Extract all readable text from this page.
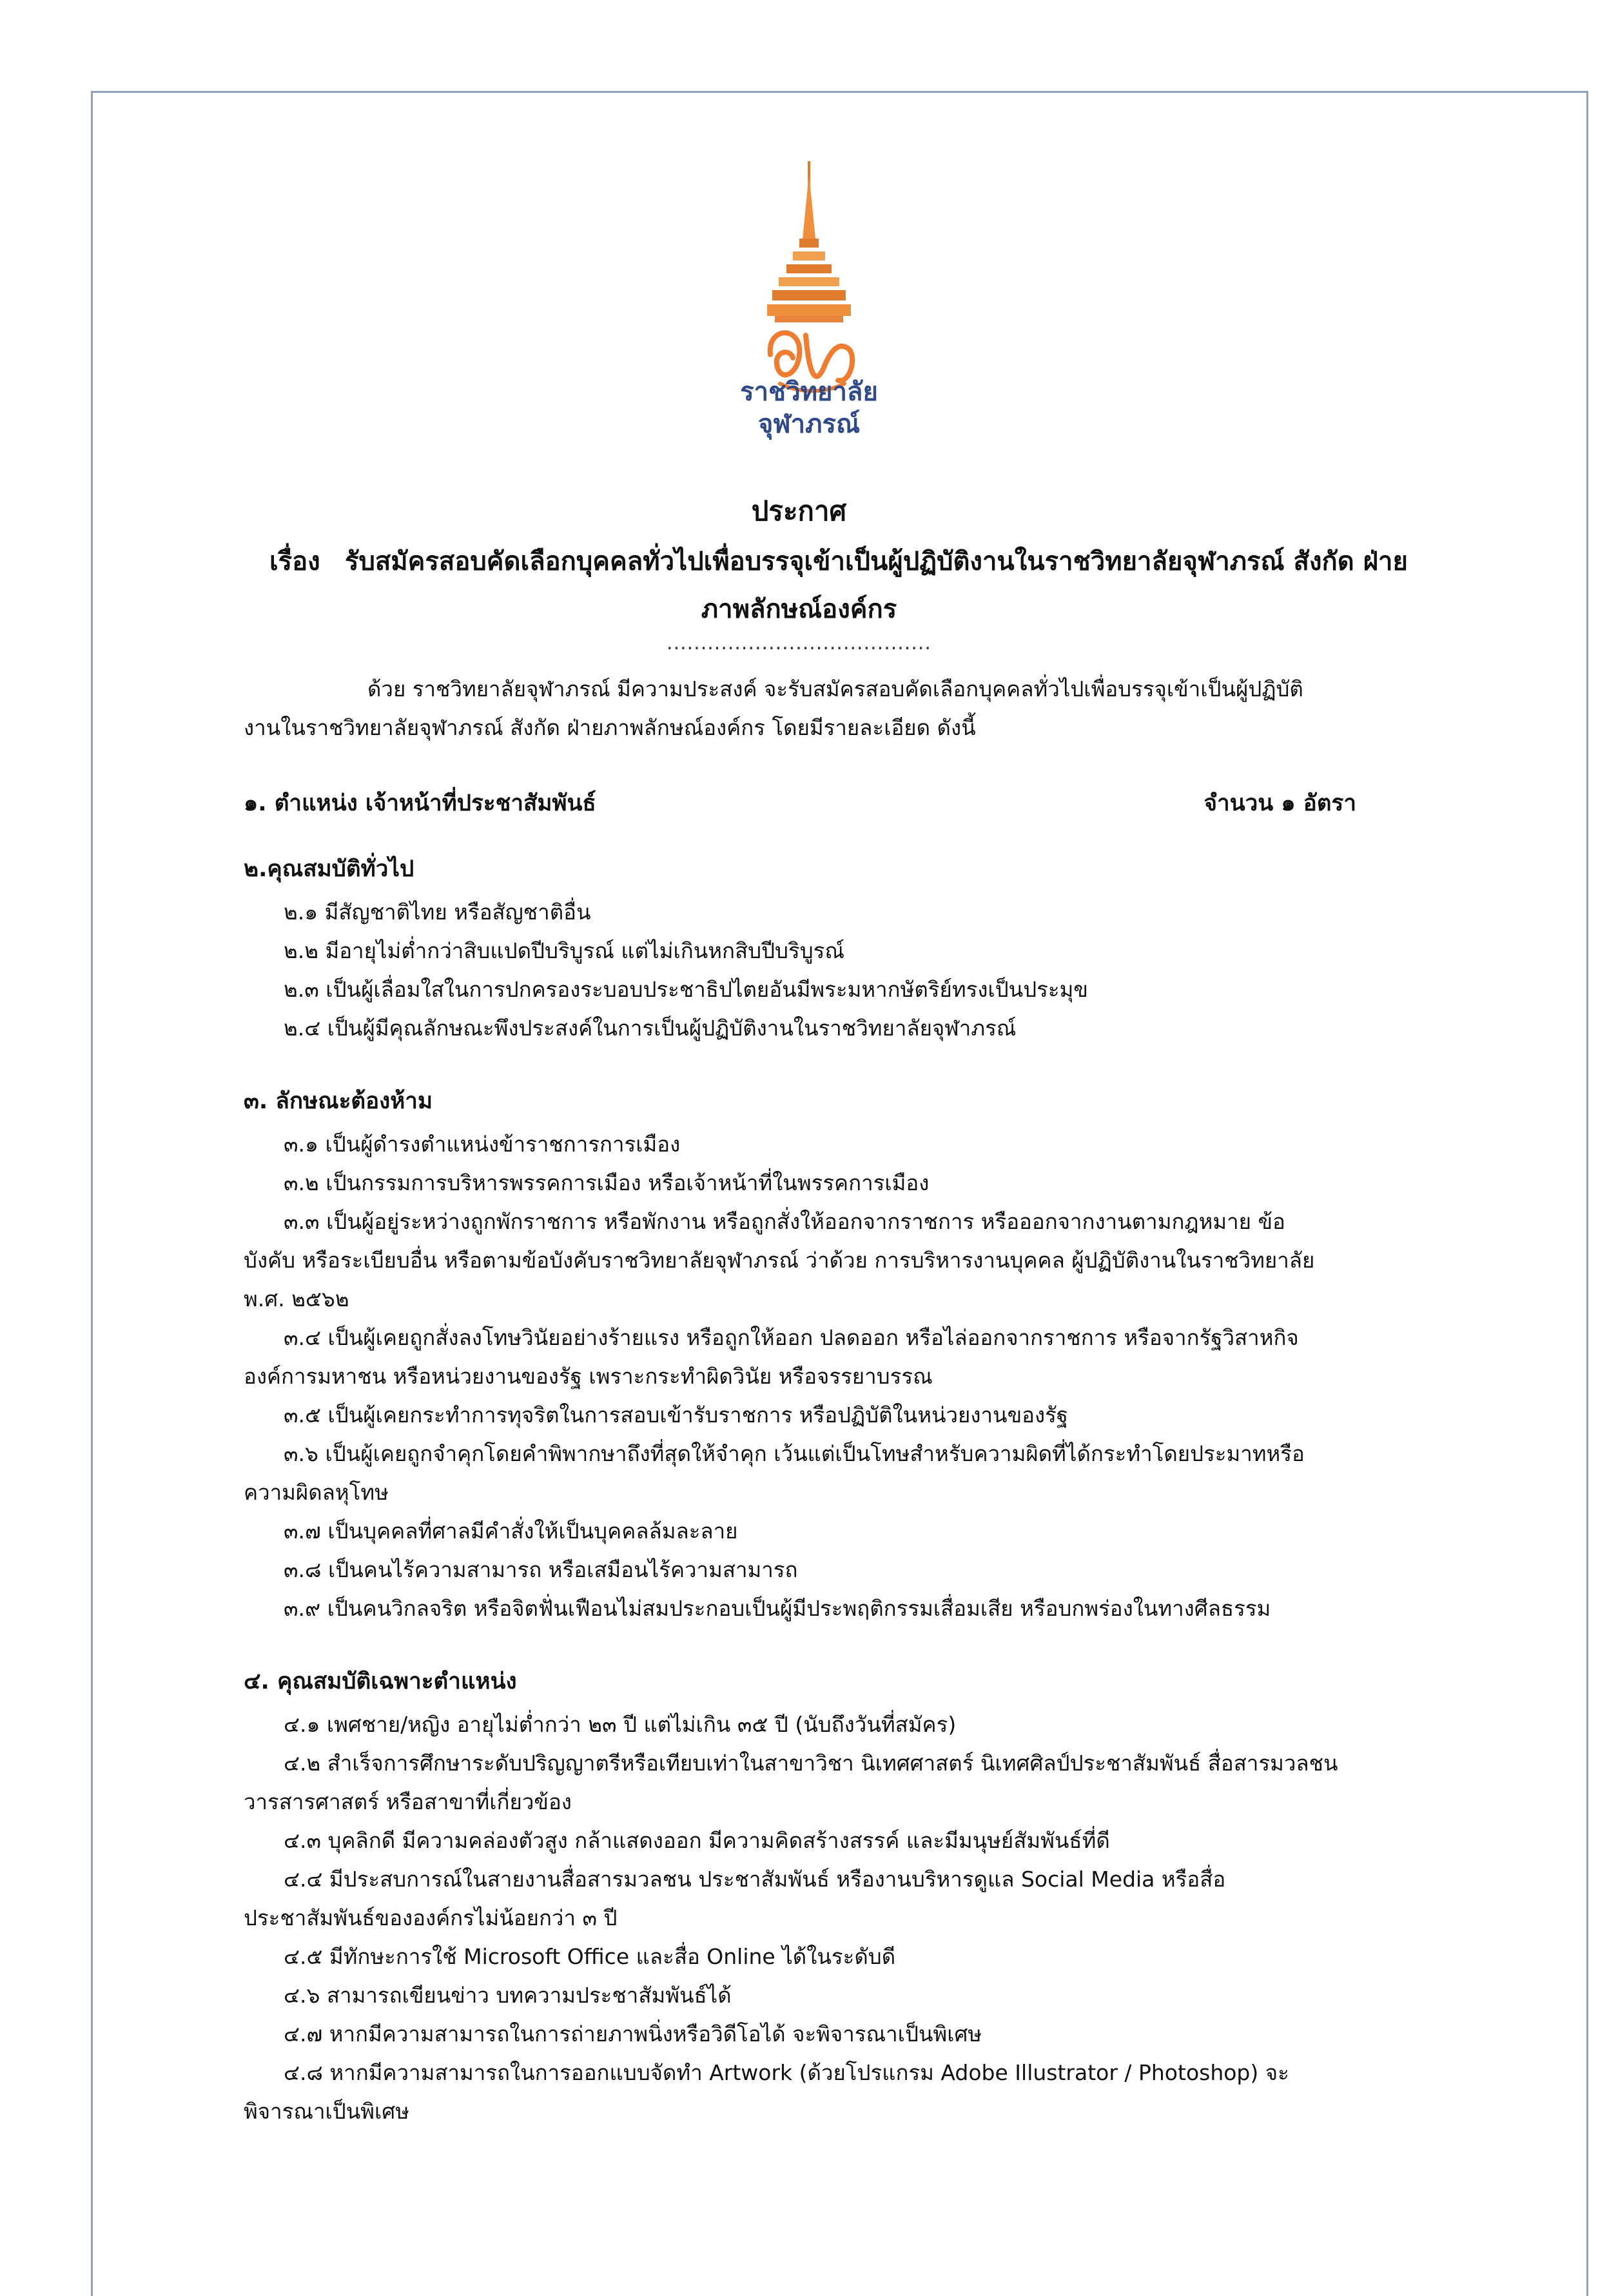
ราชวิทยาลัย
จุฬาภรณ์
ประกาศ
เรื่อง รับสมัครสอบคัดเลือกบุคคลทั่วไปเพื่อบรรจุเข้าเป็นผู้ปฏิบัติงานในราชวิทยาลัยจุฬาภรณ์ สังกัด ฝ่าย
ภาพลักษณ์องค์กร
.......................................
ด้วย ราชวิทยาลัยจุฬาภรณ์ มีความประสงค์ จะรับสมัครสอบคัดเลือกบุคคลทั่วไปเพื่อบรรจุเข้าเป็นผู้ปฏิบัติ
งานในราชวิทยาลัยจุฬาภรณ์ สังกัด ฝ่ายภาพลักษณ์องค์กร โดยมีรายละเอียด ดังนี้
๑. ตำแหน่ง เจ้าหน้าที่ประชาสัมพันธ์	จำนวน ๑ อัตรา
๒.คุณสมบัติทั่วไป
๒.๑ มีสัญชาติไทย หรือสัญชาติอื่น
๒.๒ มีอายุไม่ต่ำกว่าสิบแปดปีบริบูรณ์ แต่ไม่เกินหกสิบปีบริบูรณ์
๒.๓ เป็นผู้เลื่อมใสในการปกครองระบอบประชาธิปไตยอันมีพระมหากษัตริย์ทรงเป็นประมุข
๒.๔ เป็นผู้มีคุณลักษณะพึงประสงค์ในการเป็นผู้ปฏิบัติงานในราชวิทยาลัยจุฬาภรณ์
๓. ลักษณะต้องห้าม
๓.๑ เป็นผู้ดำรงตำแหน่งข้าราชการการเมือง
๓.๒ เป็นกรรมการบริหารพรรคการเมือง หรือเจ้าหน้าที่ในพรรคการเมือง
๓.๓ เป็นผู้อยู่ระหว่างถูกพักราชการ หรือพักงาน หรือถูกสั่งให้ออกจากราชการ หรือออกจากงานตามกฎหมาย ข้อ
บังคับ หรือระเบียบอื่น หรือตามข้อบังคับราชวิทยาลัยจุฬาภรณ์ ว่าด้วย การบริหารงานบุคคล ผู้ปฏิบัติงานในราชวิทยาลัย
พ.ศ. ๒๕๖๒
๓.๔ เป็นผู้เคยถูกสั่งลงโทษวินัยอย่างร้ายแรง หรือถูกให้ออก ปลดออก หรือไล่ออกจากราชการ หรือจากรัฐวิสาหกิจ
องค์การมหาชน หรือหน่วยงานของรัฐ เพราะกระทำผิดวินัย หรือจรรยาบรรณ
๓.๕ เป็นผู้เคยกระทำการทุจริตในการสอบเข้ารับราชการ หรือปฏิบัติในหน่วยงานของรัฐ
๓.๖ เป็นผู้เคยถูกจำคุกโดยคำพิพากษาถึงที่สุดให้จำคุก เว้นแต่เป็นโทษสำหรับความผิดที่ได้กระทำโดยประมาทหรือ
ความผิดลหุโทษ
๓.๗ เป็นบุคคลที่ศาลมีคำสั่งให้เป็นบุคคลล้มละลาย
๓.๘ เป็นคนไร้ความสามารถ หรือเสมือนไร้ความสามารถ
๓.๙ เป็นคนวิกลจริต หรือจิตฟั่นเฟือนไม่สมประกอบเป็นผู้มีประพฤติกรรมเสื่อมเสีย หรือบกพร่องในทางศีลธรรม
๔. คุณสมบัติเฉพาะตำแหน่ง
๔.๑ เพศชาย/หญิง อายุไม่ต่ำกว่า ๒๓ ปี แต่ไม่เกิน ๓๕ ปี (นับถึงวันที่สมัคร)
๔.๒ สำเร็จการศึกษาระดับปริญญาตรีหรือเทียบเท่าในสาขาวิชา นิเทศศาสตร์ นิเทศศิลป์ประชาสัมพันธ์ สื่อสารมวลชน
วารสารศาสตร์ หรือสาขาที่เกี่ยวข้อง
๔.๓ บุคลิกดี มีความคล่องตัวสูง กล้าแสดงออก มีความคิดสร้างสรรค์ และมีมนุษย์สัมพันธ์ที่ดี
๔.๔ มีประสบการณ์ในสายงานสื่อสารมวลชน ประชาสัมพันธ์ หรืองานบริหารดูแล Social Media หรือสื่อ
ประชาสัมพันธ์ขององค์กรไม่น้อยกว่า ๓ ปี
๔.๕ มีทักษะการใช้ Microsoft Office และสื่อ Online ได้ในระดับดี
๔.๖ สามารถเขียนข่าว บทความประชาสัมพันธ์ได้
๔.๗ หากมีความสามารถในการถ่ายภาพนิ่งหรือวิดีโอได้ จะพิจารณาเป็นพิเศษ
๔.๘ หากมีความสามารถในการออกแบบจัดทำ Artwork (ด้วยโปรแกรม Adobe Illustrator / Photoshop) จะ
พิจารณาเป็นพิเศษ
